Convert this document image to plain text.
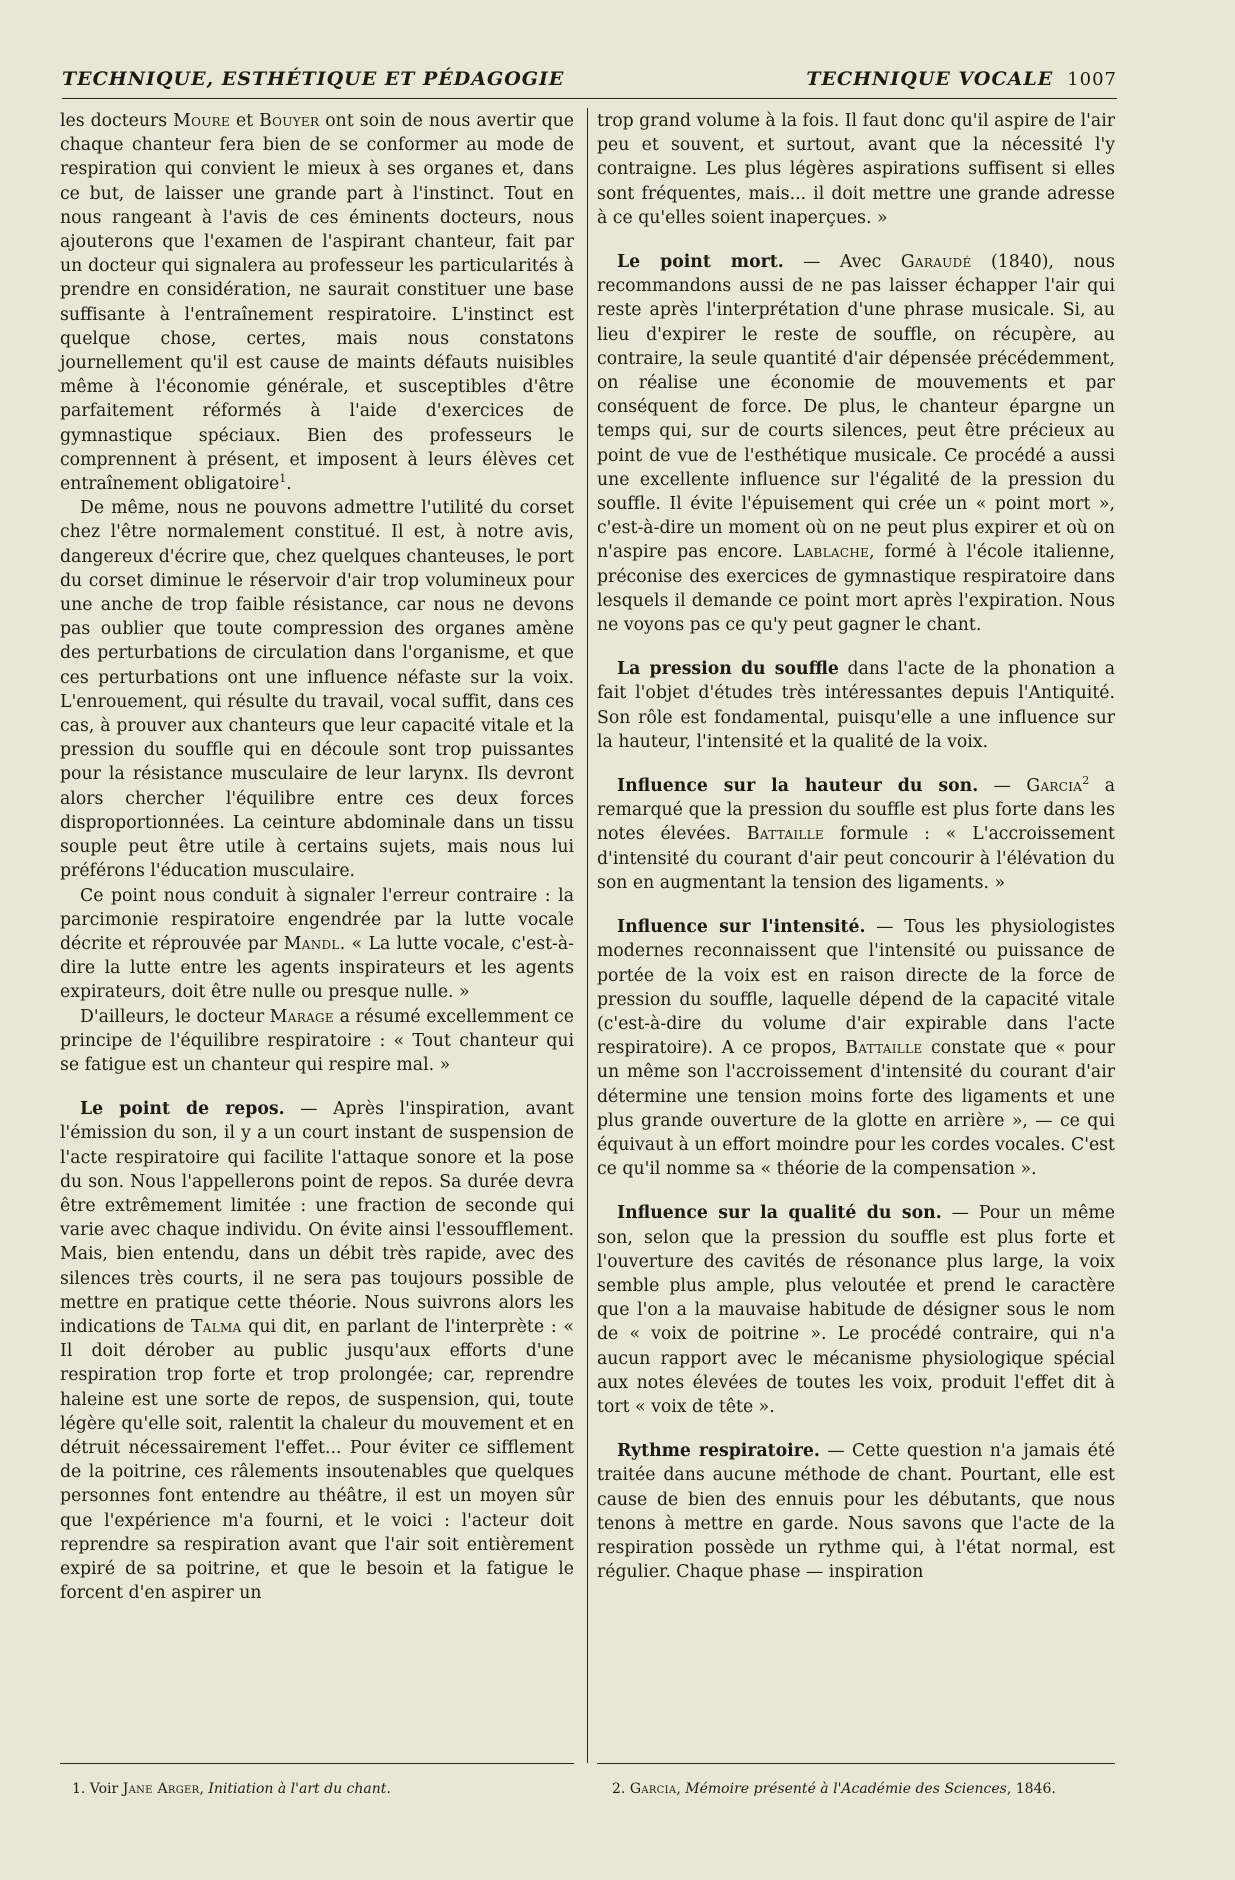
TECHNIQUE, ESTHÉTIQUE ET PÉDAGOGIE	TECHNIQUE VOCALE 1007

les docteurs Moure et Bouyer ont soin de nous avertir que chaque chanteur fera bien de se conformer au mode de respiration qui convient le mieux à ses organes et, dans ce but, de laisser une grande part à l'instinct. Tout en nous rangeant à l'avis de ces éminents docteurs, nous ajouterons que l'examen de l'aspirant chanteur, fait par un docteur qui signalera au professeur les particularités à prendre en considération, ne saurait constituer une base suffisante à l'entraînement respiratoire. L'instinct est quelque chose, certes, mais nous constatons journellement qu'il est cause de maints défauts nuisibles même à l'économie générale, et susceptibles d'être parfaitement réformés à l'aide d'exercices de gymnastique spéciaux. Bien des professeurs le comprennent à présent, et imposent à leurs élèves cet entraînement obligatoire$^1$.

De même, nous ne pouvons admettre l'utilité du corset chez l'être normalement constitué. Il est, à notre avis, dangereux d'écrire que, chez quelques chanteuses, le port du corset diminue le réservoir d'air trop volumineux pour une anche de trop faible résistance, car nous ne devons pas oublier que toute compression des organes amène des perturbations de circulation dans l'organisme, et que ces perturbations ont une influence néfaste sur la voix. L'enrouement, qui résulte du travail, vocal suffit, dans ces cas, à prouver aux chanteurs que leur capacité vitale et la pression du souffle qui en découle sont trop puissantes pour la résistance musculaire de leur larynx. Ils devront alors chercher l'équilibre entre ces deux forces disproportionnées. La ceinture abdominale dans un tissu souple peut être utile à certains sujets, mais nous lui préférons l'éducation musculaire.

Ce point nous conduit à signaler l'erreur contraire : la parcimonie respiratoire engendrée par la lutte vocale décrite et réprouvée par Mandl. « La lutte vocale, c'est-à-dire la lutte entre les agents inspirateurs et les agents expirateurs, doit être nulle ou presque nulle. »

D'ailleurs, le docteur Marage a résumé excellemment ce principe de l'équilibre respiratoire : « Tout chanteur qui se fatigue est un chanteur qui respire mal. »

Le point de repos. — Après l'inspiration, avant l'émission du son, il y a un court instant de suspension de l'acte respiratoire qui facilite l'attaque sonore et la pose du son. Nous l'appellerons point de repos. Sa durée devra être extrêmement limitée : une fraction de seconde qui varie avec chaque individu. On évite ainsi l'essoufflement. Mais, bien entendu, dans un débit très rapide, avec des silences très courts, il ne sera pas toujours possible de mettre en pratique cette théorie. Nous suivrons alors les indications de Talma qui dit, en parlant de l'interprète : « Il doit dérober au public jusqu'aux efforts d'une respiration trop forte et trop prolongée; car, reprendre haleine est une sorte de repos, de suspension, qui, toute légère qu'elle soit, ralentit la chaleur du mouvement et en détruit nécessairement l'effet... Pour éviter ce sifflement de la poitrine, ces râlements insoutenables que quelques personnes font entendre au théâtre, il est un moyen sûr que l'expérience m'a fourni, et le voici : l'acteur doit reprendre sa respiration avant que l'air soit entièrement expiré de sa poitrine, et que le besoin et la fatigue le forcent d'en aspirer un

trop grand volume à la fois. Il faut donc qu'il aspire de l'air peu et souvent, et surtout, avant que la nécessité l'y contraigne. Les plus légères aspirations suffisent si elles sont fréquentes, mais... il doit mettre une grande adresse à ce qu'elles soient inaperçues. »

Le point mort. — Avec Garaudé (1840), nous recommandons aussi de ne pas laisser échapper l'air qui reste après l'interprétation d'une phrase musicale. Si, au lieu d'expirer le reste de souffle, on récupère, au contraire, la seule quantité d'air dépensée précédemment, on réalise une économie de mouvements et par conséquent de force. De plus, le chanteur épargne un temps qui, sur de courts silences, peut être précieux au point de vue de l'esthétique musicale. Ce procédé a aussi une excellente influence sur l'égalité de la pression du souffle. Il évite l'épuisement qui crée un « point mort », c'est-à-dire un moment où on ne peut plus expirer et où on n'aspire pas encore. Lablache, formé à l'école italienne, préconise des exercices de gymnastique respiratoire dans lesquels il demande ce point mort après l'expiration. Nous ne voyons pas ce qu'y peut gagner le chant.

La pression du souffle dans l'acte de la phonation a fait l'objet d'études très intéressantes depuis l'Antiquité. Son rôle est fondamental, puisqu'elle a une influence sur la hauteur, l'intensité et la qualité de la voix.

Influence sur la hauteur du son. — Garcia$^2$ a remarqué que la pression du souffle est plus forte dans les notes élevées. Battaille formule : « L'accroissement d'intensité du courant d'air peut concourir à l'élévation du son en augmentant la tension des ligaments. »

Influence sur l'intensité. — Tous les physiologistes modernes reconnaissent que l'intensité ou puissance de portée de la voix est en raison directe de la force de pression du souffle, laquelle dépend de la capacité vitale (c'est-à-dire du volume d'air expirable dans l'acte respiratoire). A ce propos, Battaille constate que « pour un même son l'accroissement d'intensité du courant d'air détermine une tension moins forte des ligaments et une plus grande ouverture de la glotte en arrière », — ce qui équivaut à un effort moindre pour les cordes vocales. C'est ce qu'il nomme sa « théorie de la compensation ».

Influence sur la qualité du son. — Pour un même son, selon que la pression du souffle est plus forte et l'ouverture des cavités de résonance plus large, la voix semble plus ample, plus veloutée et prend le caractère que l'on a la mauvaise habitude de désigner sous le nom de « voix de poitrine ». Le procédé contraire, qui n'a aucun rapport avec le mécanisme physiologique spécial aux notes élevées de toutes les voix, produit l'effet dit à tort « voix de tête ».

Rythme respiratoire. — Cette question n'a jamais été traitée dans aucune méthode de chant. Pourtant, elle est cause de bien des ennuis pour les débutants, que nous tenons à mettre en garde. Nous savons que l'acte de la respiration possède un rythme qui, à l'état normal, est régulier. Chaque phase — inspiration

1. Voir Jane Arger, Initiation à l'art du chant.	2. Garcia, Mémoire présenté à l'Académie des Sciences, 1846.
